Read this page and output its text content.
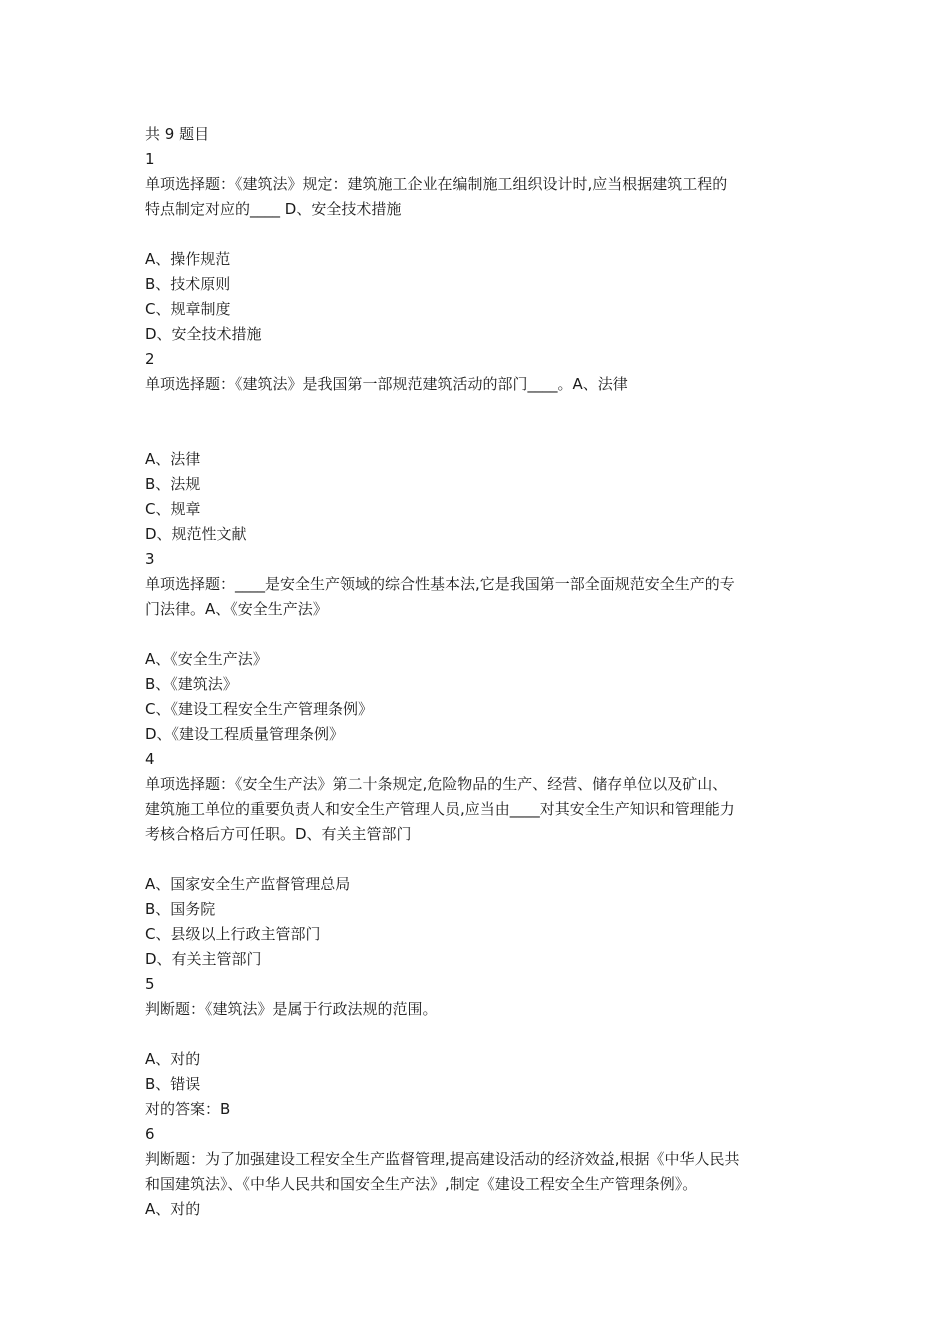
共 9 题目
1
单项选择题：《建筑法》规定：建筑施工企业在编制施工组织设计时,应当根据建筑工程的
特点制定对应的____ D、安全技术措施
A、操作规范
B、技术原则
C、规章制度
D、安全技术措施
2
单项选择题：《建筑法》是我国第一部规范建筑活动的部门____。A、法律
A、法律
B、法规
C、规章
D、规范性文献
3
单项选择题：____是安全生产领域的综合性基本法,它是我国第一部全面规范安全生产的专
门法律。A、《安全生产法》
A、《安全生产法》
B、《建筑法》
C、《建设工程安全生产管理条例》
D、《建设工程质量管理条例》
4
单项选择题：《安全生产法》第二十条规定,危险物品的生产、经营、储存单位以及矿山、
建筑施工单位的重要负责人和安全生产管理人员,应当由____对其安全生产知识和管理能力
考核合格后方可任职。D、有关主管部门
A、国家安全生产监督管理总局
B、国务院
C、县级以上行政主管部门
D、有关主管部门
5
判断题：《建筑法》是属于行政法规的范围。
A、对的
B、错误
对的答案：B
6
判断题：为了加强建设工程安全生产监督管理,提高建设活动的经济效益,根据《中华人民共
和国建筑法》、《中华人民共和国安全生产法》,制定《建设工程安全生产管理条例》。
A、对的
